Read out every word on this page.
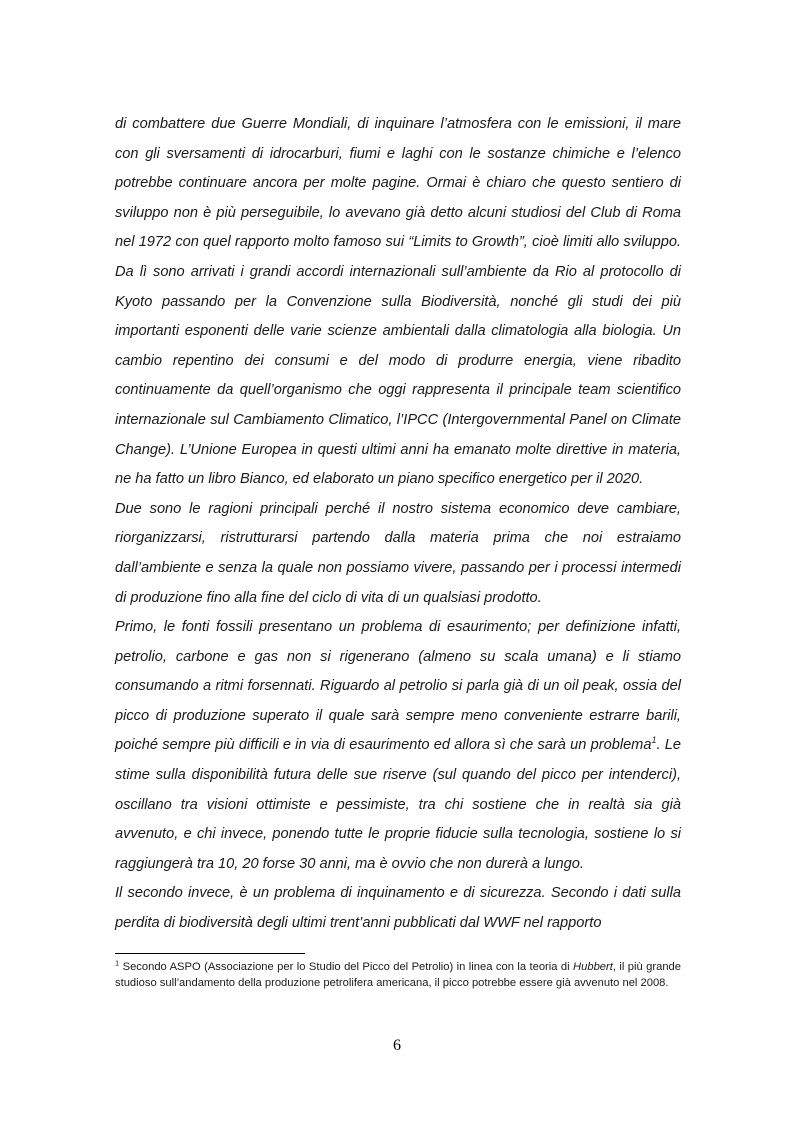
di combattere due Guerre Mondiali, di inquinare l’atmosfera con le emissioni, il mare con gli sversamenti di idrocarburi, fiumi e laghi con le sostanze chimiche e l’elenco potrebbe continuare ancora per molte pagine. Ormai è chiaro che questo sentiero di sviluppo non è più perseguibile, lo avevano già detto alcuni studiosi del Club di Roma nel 1972 con quel rapporto molto famoso sui “Limits to Growth”, cioè limiti allo sviluppo. Da lì sono arrivati i grandi accordi internazionali sull’ambiente da Rio al protocollo di Kyoto passando per la Convenzione sulla Biodiversità, nonché gli studi dei più importanti esponenti delle varie scienze ambientali dalla climatologia alla biologia. Un cambio repentino dei consumi e del modo di produrre energia, viene ribadito continuamente da quell’organismo che oggi rappresenta il principale team scientifico internazionale sul Cambiamento Climatico, l’IPCC (Intergovernmental Panel on Climate Change). L’Unione Europea in questi ultimi anni ha emanato molte direttive in materia, ne ha fatto un libro Bianco, ed elaborato un piano specifico energetico per il 2020.

Due sono le ragioni principali perché il nostro sistema economico deve cambiare, riorganizzarsi, ristrutturarsi partendo dalla materia prima che noi estraiamo dall’ambiente e senza la quale non possiamo vivere, passando per i processi intermedi di produzione fino alla fine del ciclo di vita di un qualsiasi prodotto.

Primo, le fonti fossili presentano un problema di esaurimento; per definizione infatti, petrolio, carbone e gas non si rigenerano (almeno su scala umana) e li stiamo consumando a ritmi forsennati. Riguardo al petrolio si parla già di un oil peak, ossia del picco di produzione superato il quale sarà sempre meno conveniente estrarre barili, poiché sempre più difficili e in via di esaurimento ed allora sì che sarà un problema$^1$. Le stime sulla disponibilità futura delle sue riserve (sul quando del picco per intenderci), oscillano tra visioni ottimiste e pessimiste, tra chi sostiene che in realtà sia già avvenuto, e chi invece, ponendo tutte le proprie fiducie sulla tecnologia, sostiene lo si raggiungerà tra 10, 20 forse 30 anni, ma è ovvio che non durerà a lungo.

Il secondo invece, è un problema di inquinamento e di sicurezza. Secondo i dati sulla perdita di biodiversità degli ultimi trent’anni pubblicati dal WWF nel rapporto

$^1$ Secondo ASPO (Associazione per lo Studio del Picco del Petrolio) in linea con la teoria di Hubbert, il più grande studioso sull’andamento della produzione petrolifera americana, il picco potrebbe essere già avvenuto nel 2008.

6
